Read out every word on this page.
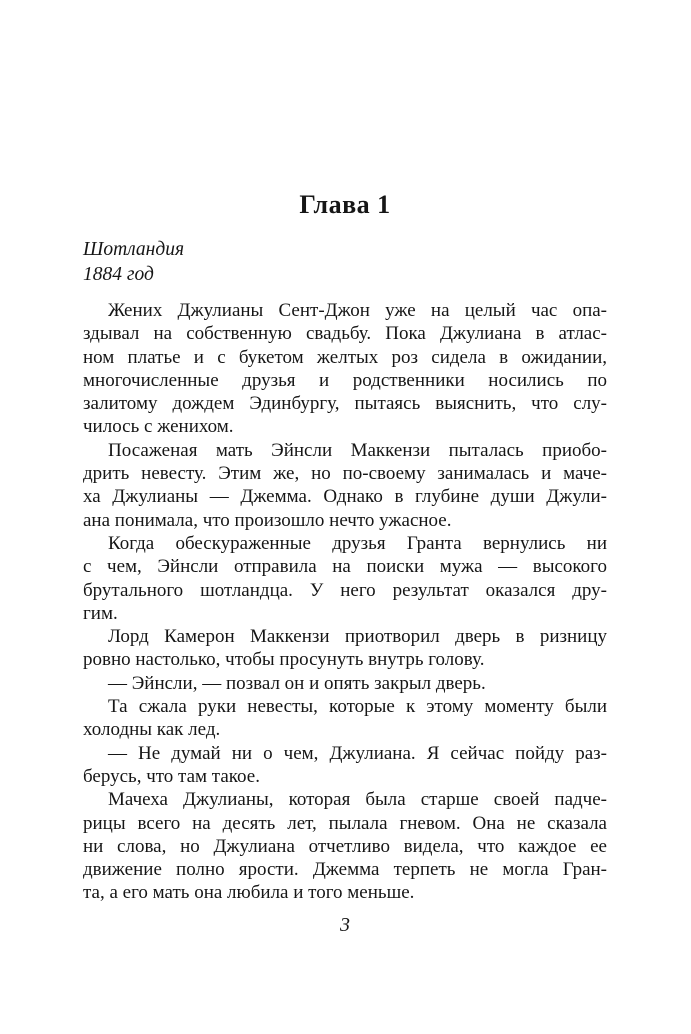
Глава 1
Шотландия
1884 год
Жених Джулианы Сент-Джон уже на целый час опа-
здывал на собственную свадьбу. Пока Джулиана в атлас-
ном платье и с букетом желтых роз сидела в ожидании,
многочисленные друзья и родственники носились по
залитому дождем Эдинбургу, пытаясь выяснить, что слу-
чилось с женихом.
Посаженая мать Эйнсли Маккензи пыталась приобо-
дрить невесту. Этим же, но по-своему занималась и маче-
ха Джулианы — Джемма. Однако в глубине души Джули-
ана понимала, что произошло нечто ужасное.
Когда обескураженные друзья Гранта вернулись ни
с чем, Эйнсли отправила на поиски мужа — высокого
брутального шотландца. У него результат оказался дру-
гим.
Лорд Камерон Маккензи приотворил дверь в ризницу
ровно настолько, чтобы просунуть внутрь голову.
— Эйнсли, — позвал он и опять закрыл дверь.
Та сжала руки невесты, которые к этому моменту были
холодны как лед.
— Не думай ни о чем, Джулиана. Я сейчас пойду раз-
берусь, что там такое.
Мачеха Джулианы, которая была старше своей падче-
рицы всего на десять лет, пылала гневом. Она не сказала
ни слова, но Джулиана отчетливо видела, что каждое ее
движение полно ярости. Джемма терпеть не могла Гран-
та, а его мать она любила и того меньше.
3
